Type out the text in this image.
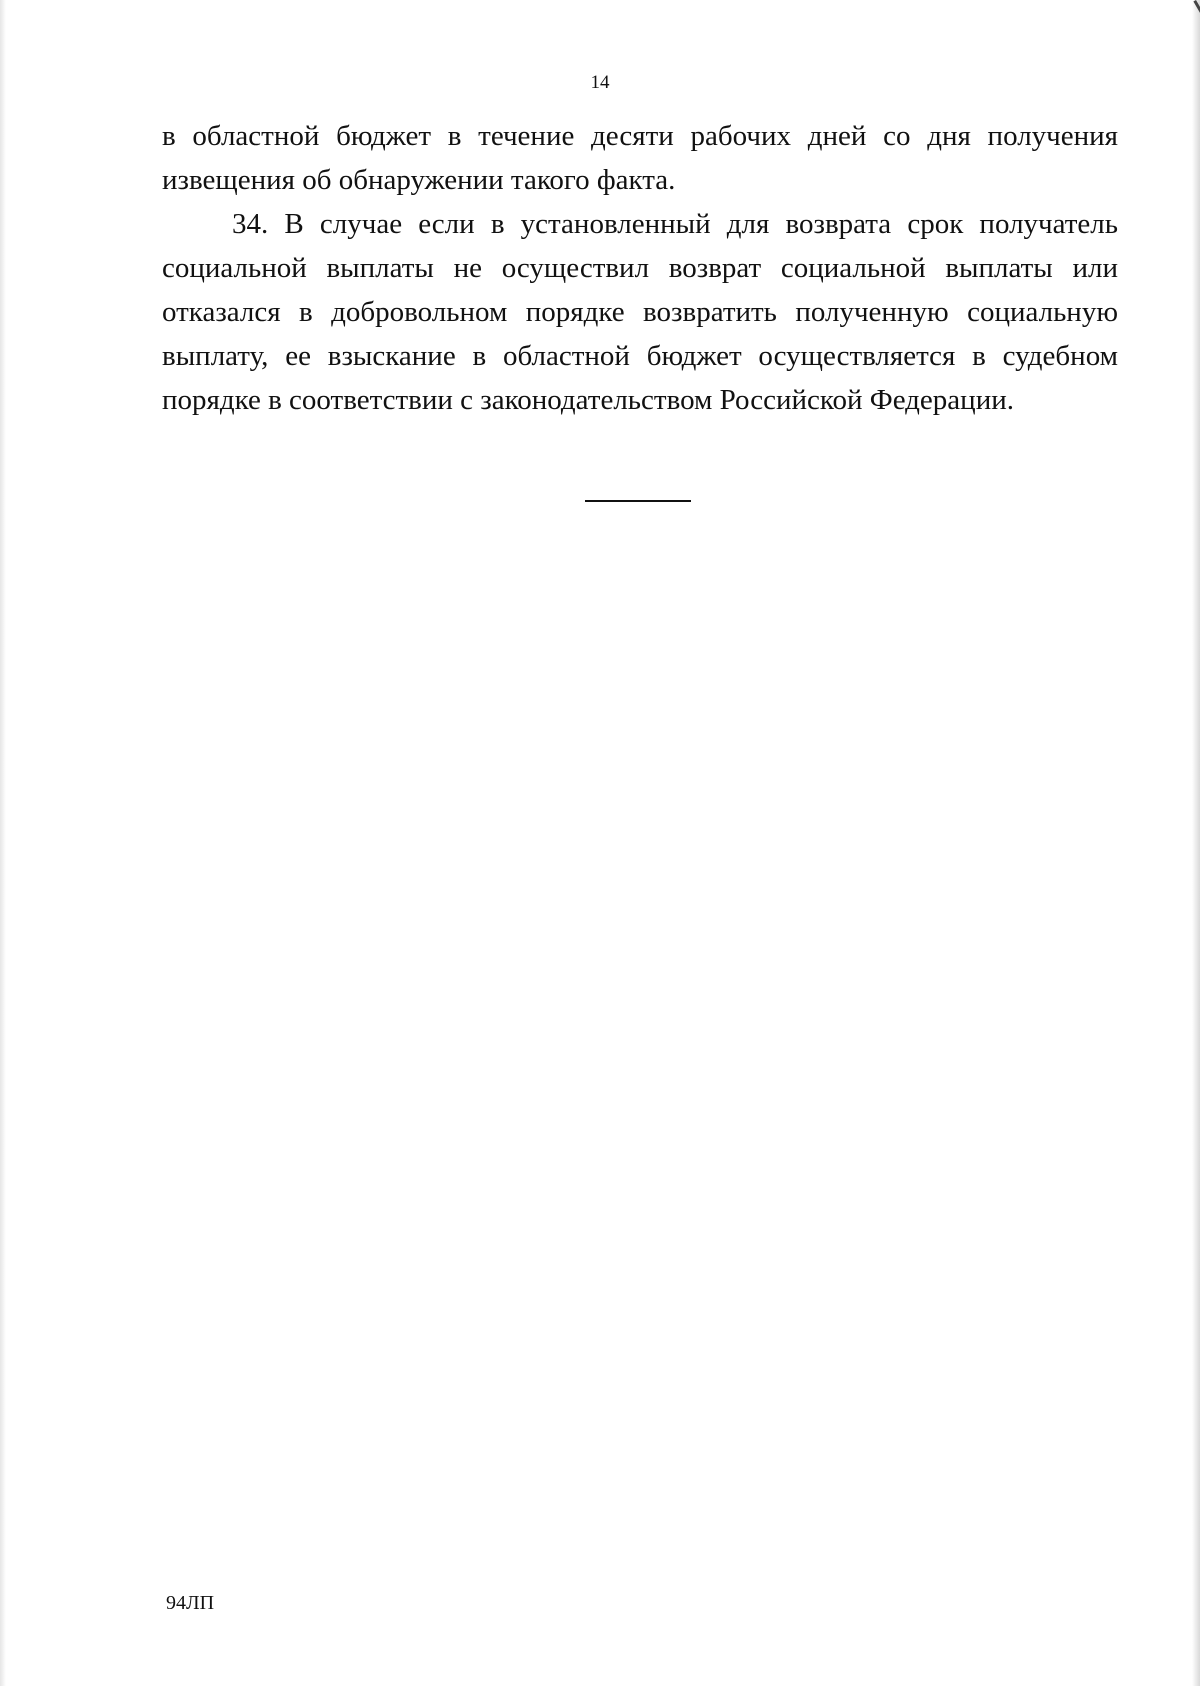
14

в областной бюджет в течение десяти рабочих дней со дня получения извещения об обнаружении такого факта.

34. В случае если в установленный для возврата срок получатель социальной выплаты не осуществил возврат социальной выплаты или отказался в добровольном порядке возвратить полученную социальную выплату, ее взыскание в областной бюджет осуществляется в судебном порядке в соответствии с законодательством Российской Федерации.

94ЛП
